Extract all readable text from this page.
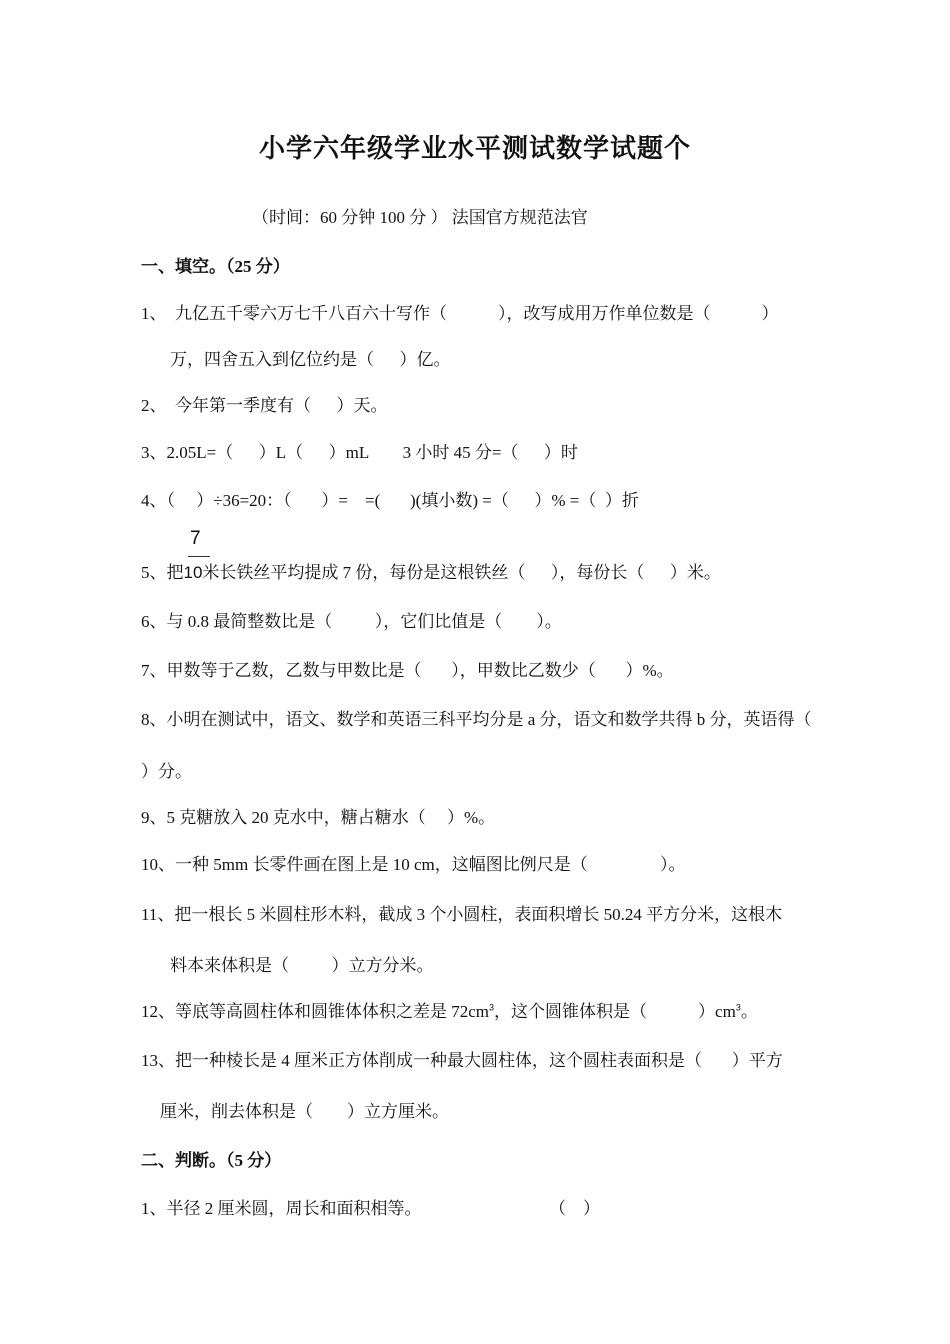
小学六年级学业水平测试数学试题个
（时间：60 分钟 100 分 ） 法国官方规范法官
一、填空。（25 分）
1、  九亿五千零六万七千八百六十写作（            ），改写成用万作单位数是（            ）
万，四舍五入到亿位约是（      ）亿。
2、  今年第一季度有（      ）天。
3、2.05L=（      ）L（      ）mL        3 小时 45 分=（      ）时
4、（     ）÷36=20：（       ）=    =(       )(填小数) =（      ）% =（  ）折
7
5、把10米长铁丝平均提成 7 份，每份是这根铁丝（      ），每份长（      ）米。
6、与 0.8 最简整数比是（          ），它们比值是（        ）。
7、甲数等于乙数，乙数与甲数比是（       ），甲数比乙数少（       ）%。
8、小明在测试中，语文、数学和英语三科平均分是 a 分，语文和数学共得 b 分，英语得（
）分。
9、5 克糖放入 20 克水中，糖占糖水（     ）%。
10、一种 5mm 长零件画在图上是 10 cm，这幅图比例尺是（                 ）。
11、把一根长 5 米圆柱形木料，截成 3 个小圆柱，表面积增长 50.24 平方分米，这根木
料本来体积是（          ）立方分米。
12、等底等高圆柱体和圆锥体体积之差是 $72cm^3$，这个圆锥体积是（            ）$cm^3$。
13、把一种棱长是 4 厘米正方体削成一种最大圆柱体，这个圆柱表面积是（       ）平方
厘米，削去体积是（        ）立方厘米。
二、判断。（5 分）
1、半径 2 厘米圆，周长和面积相等。                              （    ）
